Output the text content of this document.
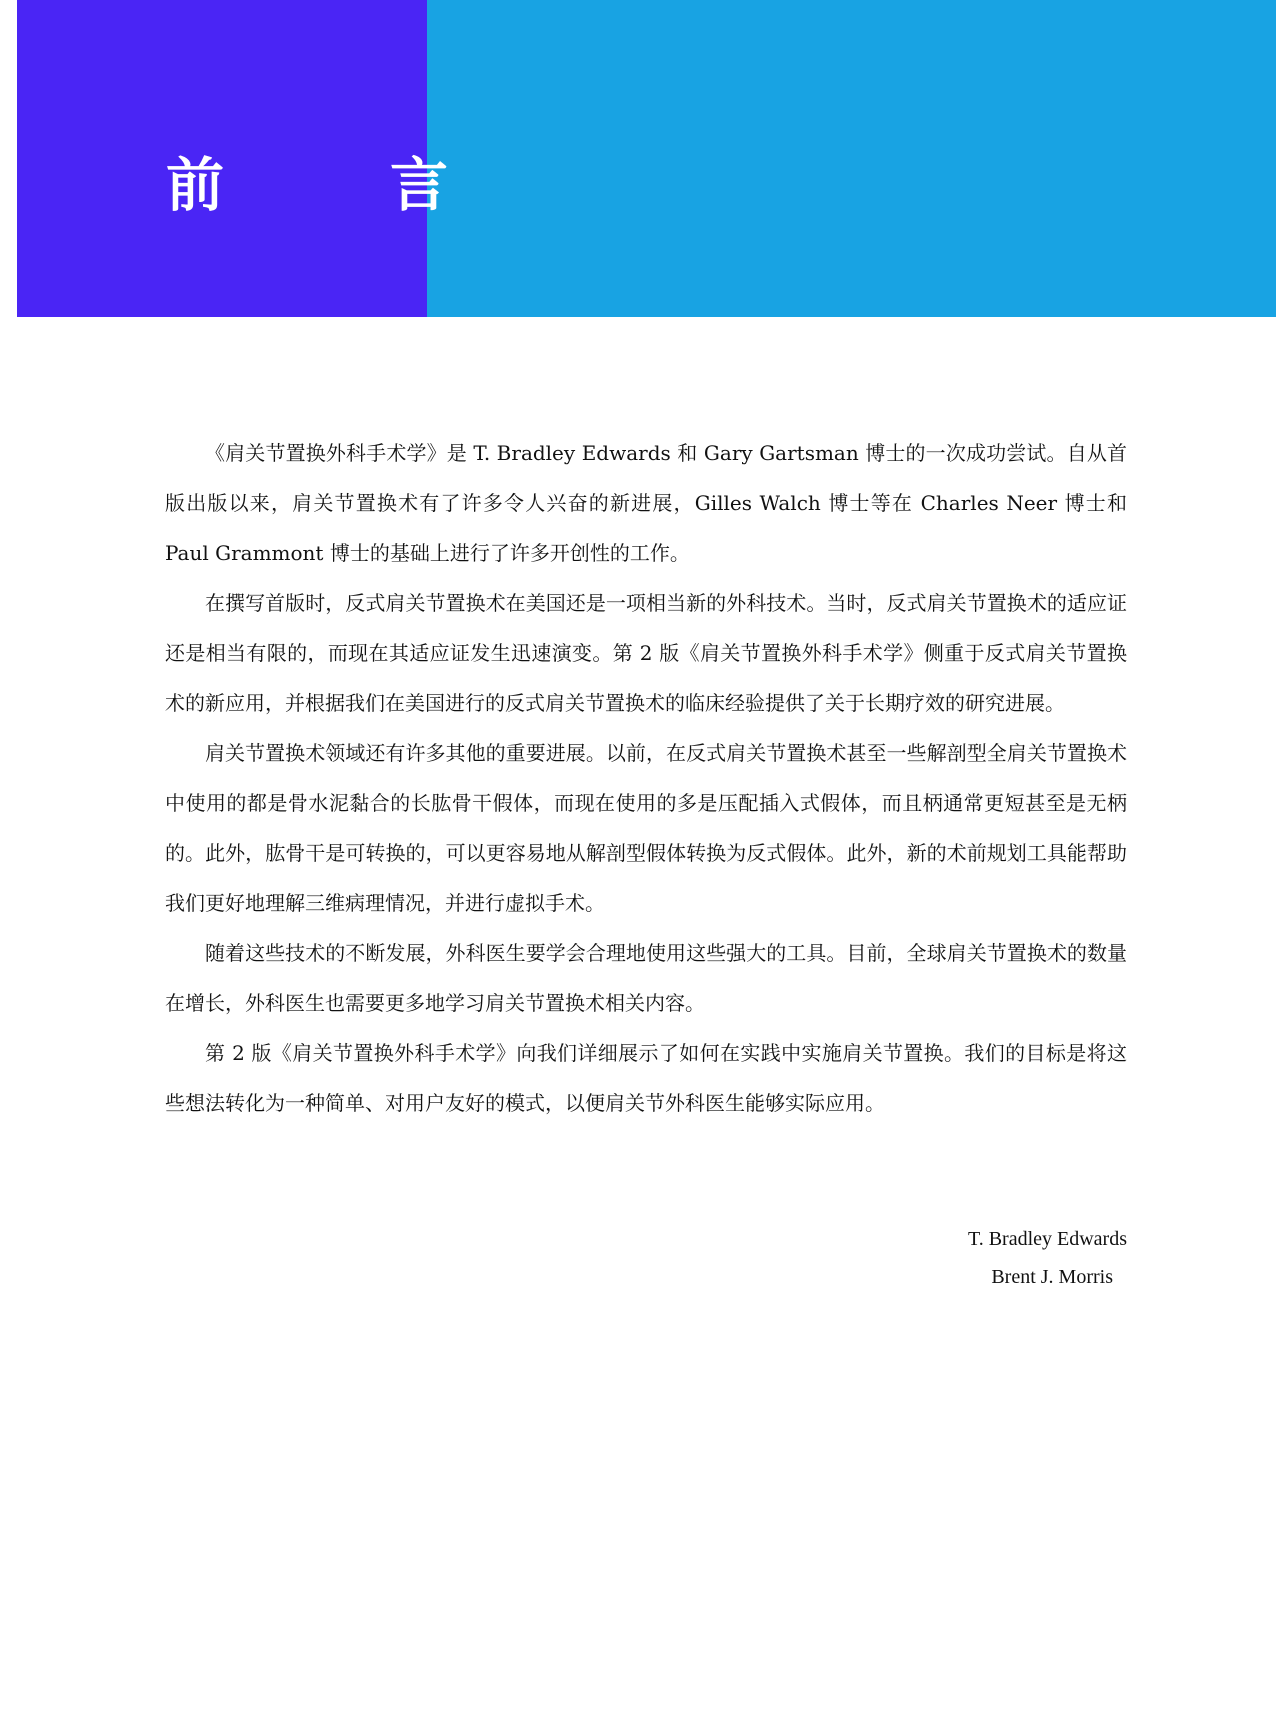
前　言

《肩关节置换外科手术学》是 T. Bradley Edwards 和 Gary Gartsman 博士的一次成功尝试。自从首版出版以来，肩关节置换术有了许多令人兴奋的新进展，Gilles Walch 博士等在 Charles Neer 博士和 Paul Grammont 博士的基础上进行了许多开创性的工作。

在撰写首版时，反式肩关节置换术在美国还是一项相当新的外科技术。当时，反式肩关节置换术的适应证还是相当有限的，而现在其适应证发生迅速演变。第 2 版《肩关节置换外科手术学》侧重于反式肩关节置换术的新应用，并根据我们在美国进行的反式肩关节置换术的临床经验提供了关于长期疗效的研究进展。

肩关节置换术领域还有许多其他的重要进展。以前，在反式肩关节置换术甚至一些解剖型全肩关节置换术中使用的都是骨水泥黏合的长肱骨干假体，而现在使用的多是压配插入式假体，而且柄通常更短甚至是无柄的。此外，肱骨干是可转换的，可以更容易地从解剖型假体转换为反式假体。此外，新的术前规划工具能帮助我们更好地理解三维病理情况，并进行虚拟手术。

随着这些技术的不断发展，外科医生要学会合理地使用这些强大的工具。目前，全球肩关节置换术的数量在增长，外科医生也需要更多地学习肩关节置换术相关内容。

第 2 版《肩关节置换外科手术学》向我们详细展示了如何在实践中实施肩关节置换。我们的目标是将这些想法转化为一种简单、对用户友好的模式，以便肩关节外科医生能够实际应用。

T. Bradley Edwards
Brent J. Morris
